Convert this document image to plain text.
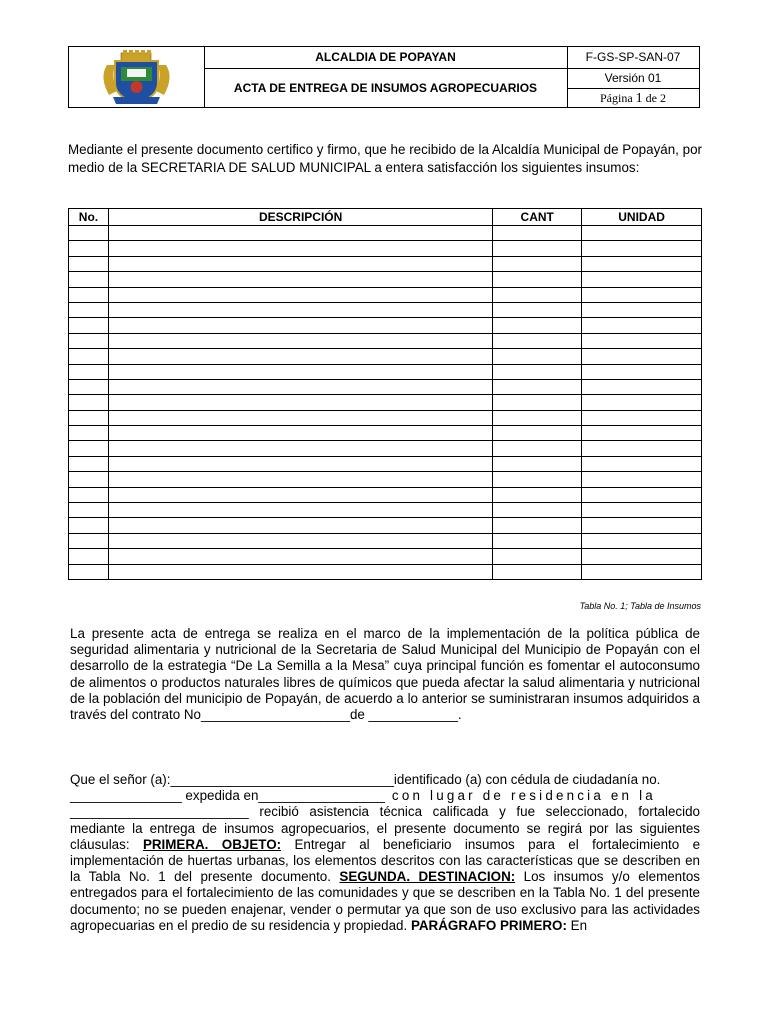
ALCALDIA DE POPAYAN
ACTA DE ENTREGA DE INSUMOS AGROPECUARIOS
F-GS-SP-SAN-07
Versión 01
Página 1 de 2
Mediante el presente documento certifico y firmo, que he recibido de la Alcaldía Municipal de Popayán, por medio de la SECRETARIA DE SALUD MUNICIPAL a entera satisfacción los siguientes insumos:
No.	DESCRIPCIÓN	CANT	UNIDAD

Tabla No. 1; Tabla de Insumos
La presente acta de entrega se realiza en el marco de la implementación de la política pública de seguridad alimentaria y nutricional de la Secretaria de Salud Municipal del Municipio de Popayán con el desarrollo de la estrategia “De La Semilla a la Mesa” cuya principal función es fomentar el autoconsumo de alimentos o productos naturales libres de químicos que pueda afectar la salud alimentaria y nutricional de la población del municipio de Popayán, de acuerdo a lo anterior se suministraran insumos adquiridos a través del contrato No____________________de ____________.
Que el señor (a):______________________________identificado (a) con cédula de ciudadanía no.
_______________ expedida en_________________ con lugar de residencia en la
________________________ recibió asistencia técnica calificada y fue seleccionado, fortalecido mediante la entrega de insumos agropecuarios, el presente documento se regirá por las siguientes cláusulas: PRIMERA. OBJETO: Entregar al beneficiario insumos para el fortalecimiento e implementación de huertas urbanas, los elementos descritos con las características que se describen en la Tabla No. 1 del presente documento. SEGUNDA. DESTINACION: Los insumos y/o elementos entregados para el fortalecimiento de las comunidades y que se describen en la Tabla No. 1 del presente documento; no se pueden enajenar, vender o permutar ya que son de uso exclusivo para las actividades agropecuarias en el predio de su residencia y propiedad. PARÁGRAFO PRIMERO: En
